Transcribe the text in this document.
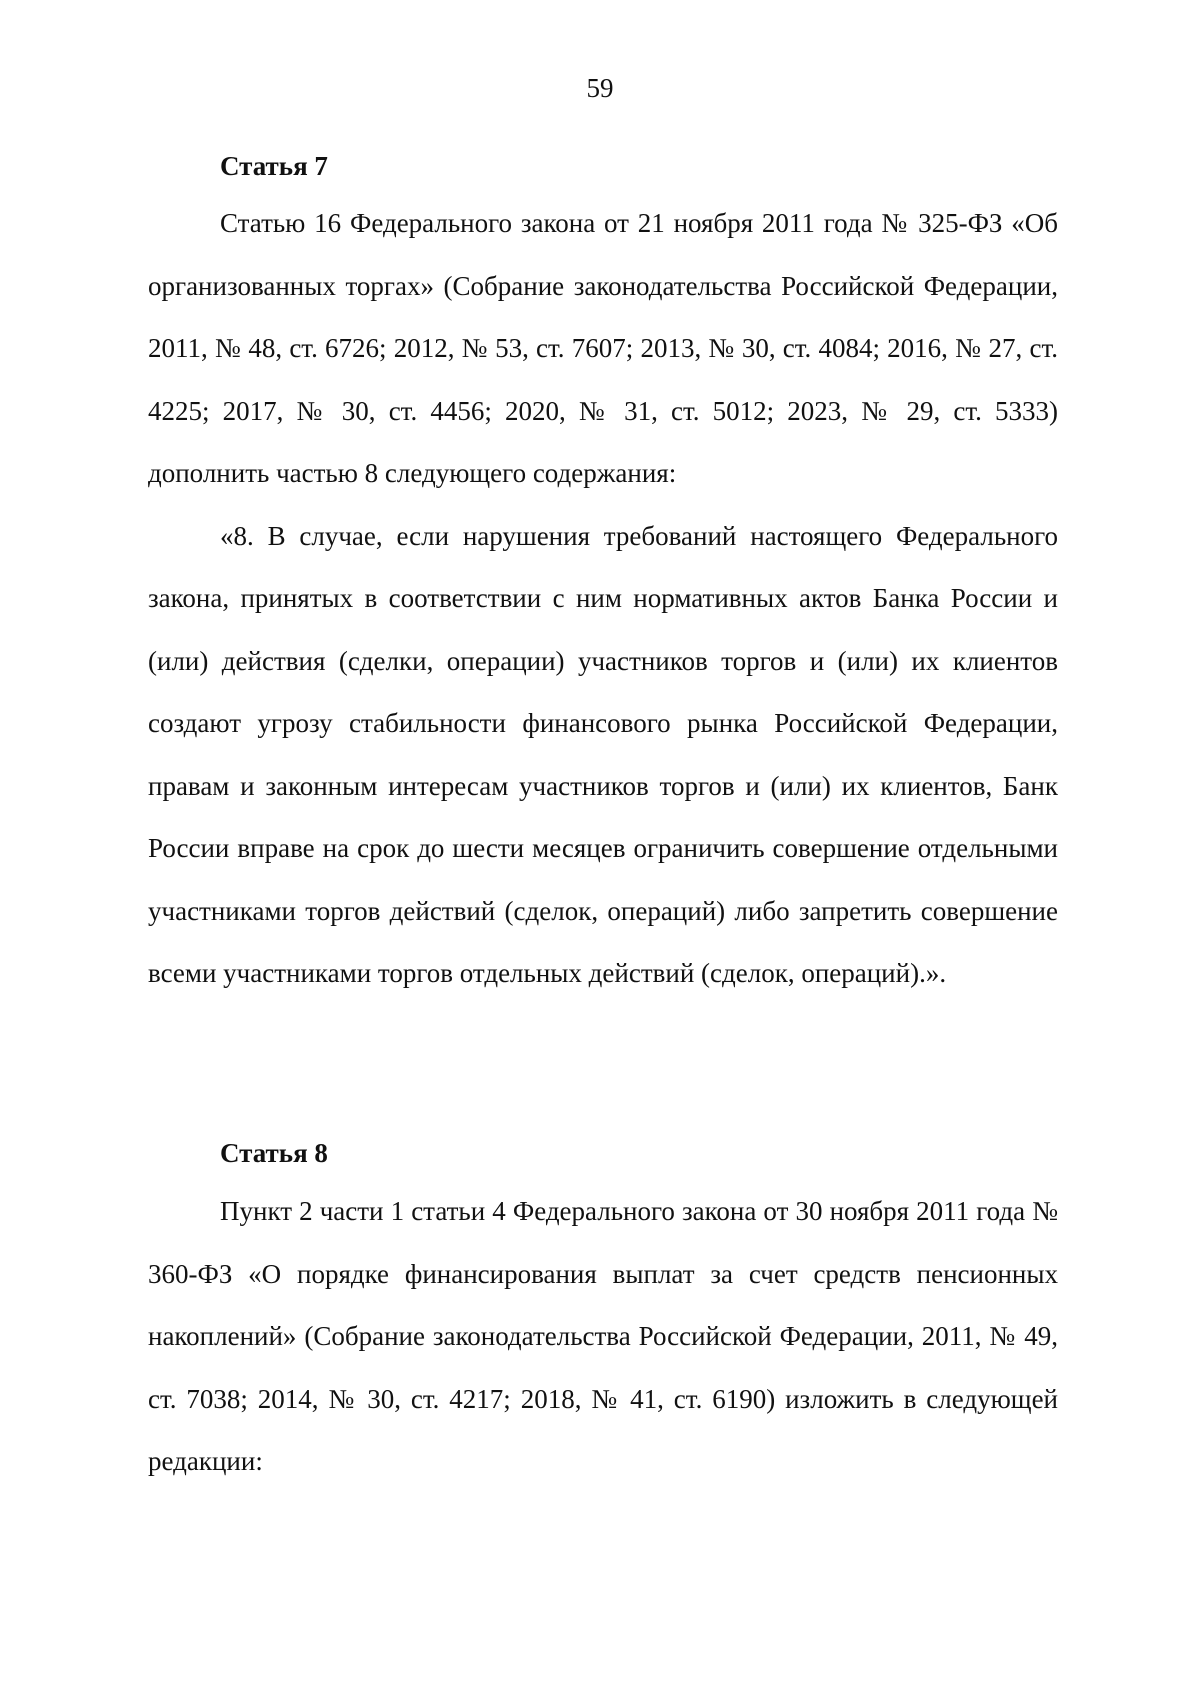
59
Статья 7

Статью 16 Федерального закона от 21 ноября 2011 года № 325-ФЗ «Об организованных торгах» (Собрание законодательства Российской Федерации, 2011, № 48, ст. 6726; 2012, № 53, ст. 7607; 2013, № 30, ст. 4084; 2016, № 27, ст. 4225; 2017, № 30, ст. 4456; 2020, № 31, ст. 5012; 2023, № 29, ст. 5333) дополнить частью 8 следующего содержания:

«8. В случае, если нарушения требований настоящего Федерального закона, принятых в соответствии с ним нормативных актов Банка России и (или) действия (сделки, операции) участников торгов и (или) их клиентов создают угрозу стабильности финансового рынка Российской Федерации, правам и законным интересам участников торгов и (или) их клиентов, Банк России вправе на срок до шести месяцев ограничить совершение отдельными участниками торгов действий (сделок, операций) либо запретить совершение всеми участниками торгов отдельных действий (сделок, операций).».

Статья 8

Пункт 2 части 1 статьи 4 Федерального закона от 30 ноября 2011 года № 360-ФЗ «О порядке финансирования выплат за счет средств пенсионных накоплений» (Собрание законодательства Российской Федерации, 2011, № 49, ст. 7038; 2014, № 30, ст. 4217; 2018, № 41, ст. 6190) изложить в следующей редакции:
